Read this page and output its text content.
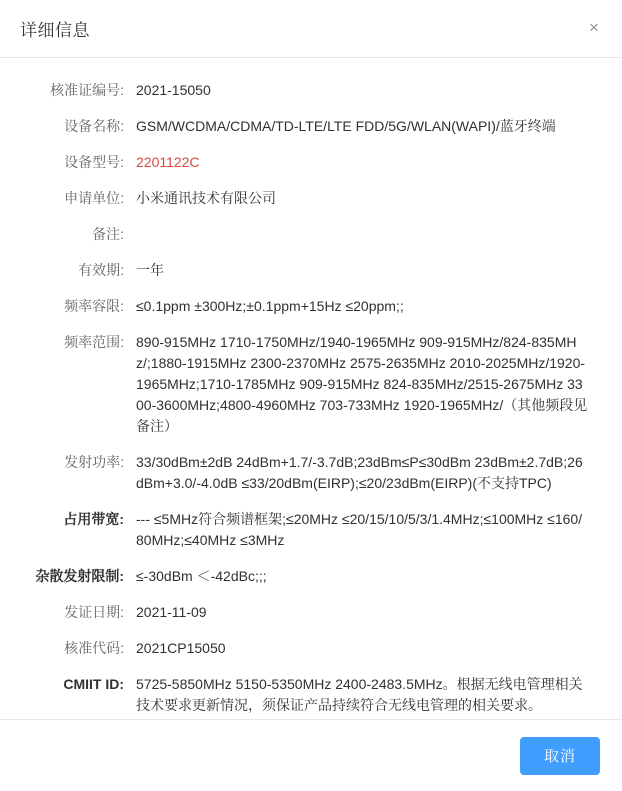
详细信息	×
核准证编号: 2021-15050
设备名称: GSM/WCDMA/CDMA/TD-LTE/LTE FDD/5G/WLAN(WAPI)/蓝牙终端
设备型号: 2201122C
申请单位: 小米通讯技术有限公司
备注:
有效期: 一年
频率容限: ≤0.1ppm ±300Hz;±0.1ppm+15Hz ≤20ppm;;
频率范围: 890-915MHz 1710-1750MHz/1940-1965MHz 909-915MHz/824-835MHz/;1880-1915MHz 2300-2370MHz 2575-2635MHz 2010-2025MHz/1920-1965MHz;1710-1785MHz 909-915MHz 824-835MHz/2515-2675MHz 3300-3600MHz;4800-4960MHz 703-733MHz 1920-1965MHz/（其他频段见备注）
发射功率: 33/30dBm±2dB 24dBm+1.7/-3.7dB;23dBm≤P≤30dBm 23dBm±2.7dB;26dBm+3.0/-4.0dB ≤33/20dBm(EIRP);≤20/23dBm(EIRP)(不支持TPC)
占用带宽: --- ≤5MHz符合频谱框架;≤20MHz ≤20/15/10/5/3/1.4MHz;≤100MHz ≤160/80MHz;≤40MHz ≤3MHz
杂散发射限制: ≤-30dBm ＜-42dBc;;;
发证日期: 2021-11-09
核准代码: 2021CP15050
CMIIT ID: 5725-5850MHz 5150-5350MHz 2400-2483.5MHz。根据无线电管理相关技术要求更新情况，须保证产品持续符合无线电管理的相关要求。
取消
